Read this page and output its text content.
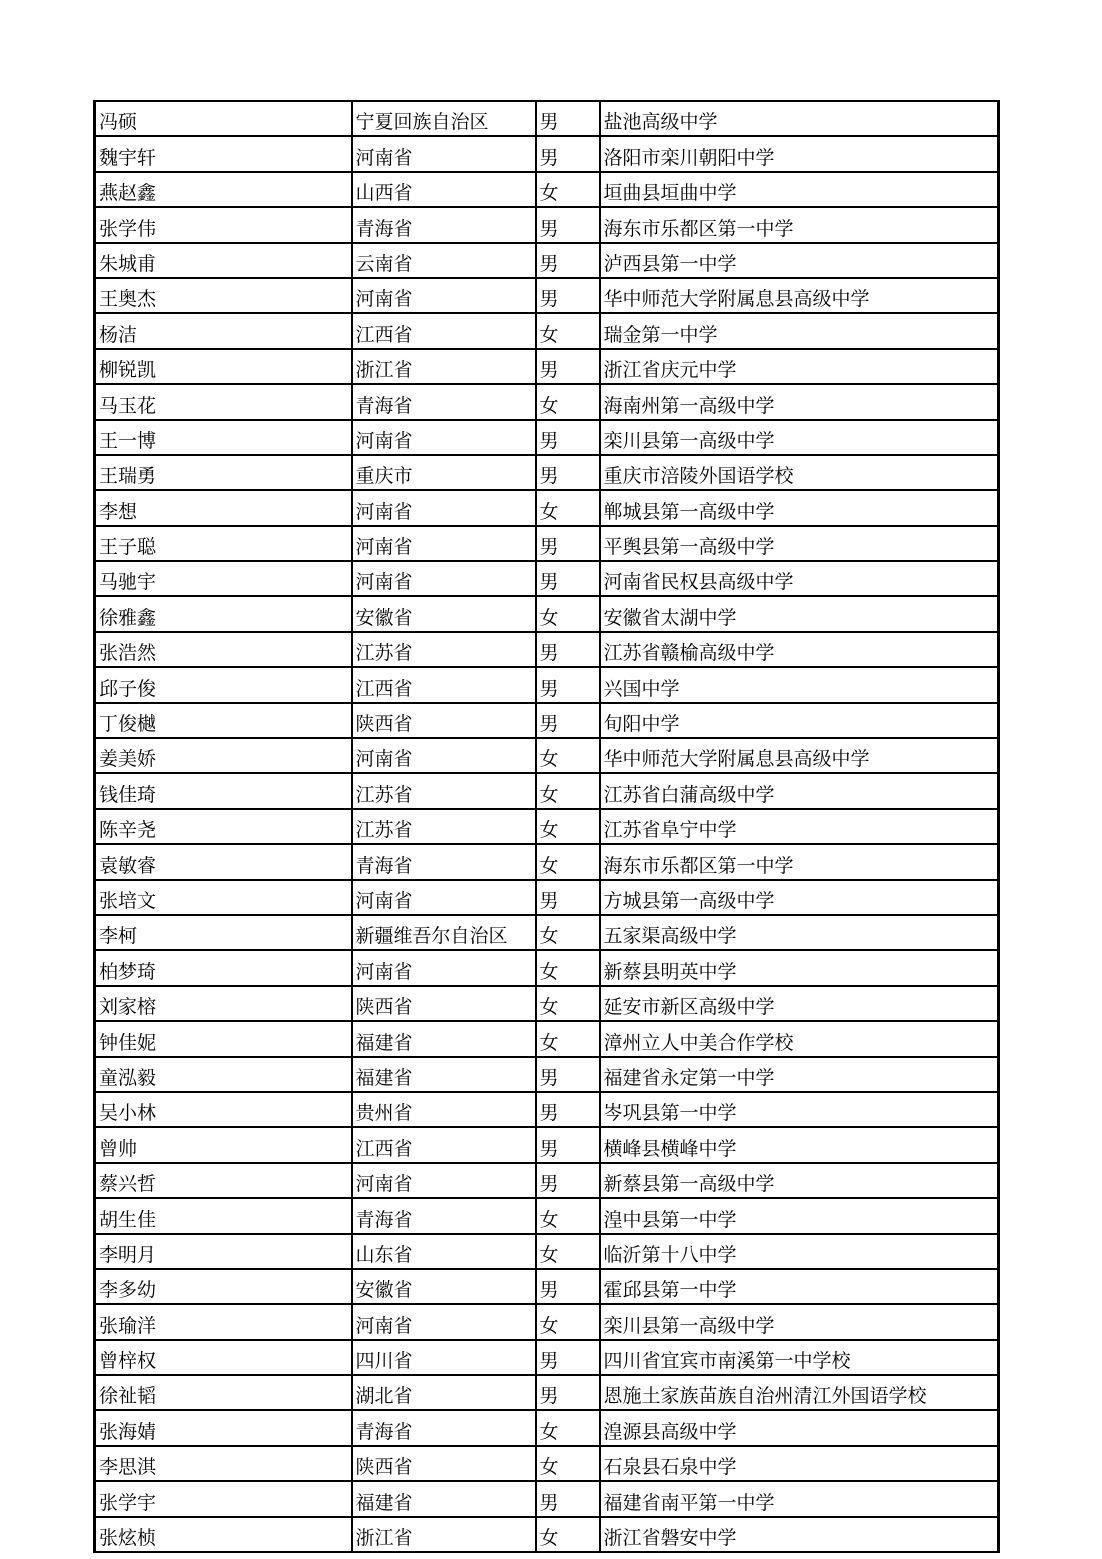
冯硕	宁夏回族自治区	男	盐池高级中学
魏宇轩	河南省	男	洛阳市栾川朝阳中学
燕赵鑫	山西省	女	垣曲县垣曲中学
张学伟	青海省	男	海东市乐都区第一中学
朱城甫	云南省	男	泸西县第一中学
王奥杰	河南省	男	华中师范大学附属息县高级中学
杨洁	江西省	女	瑞金第一中学
柳锐凯	浙江省	男	浙江省庆元中学
马玉花	青海省	女	海南州第一高级中学
王一博	河南省	男	栾川县第一高级中学
王瑞勇	重庆市	男	重庆市涪陵外国语学校
李想	河南省	女	郸城县第一高级中学
王子聪	河南省	男	平舆县第一高级中学
马驰宇	河南省	男	河南省民权县高级中学
徐雅鑫	安徽省	女	安徽省太湖中学
张浩然	江苏省	男	江苏省赣榆高级中学
邱子俊	江西省	男	兴国中学
丁俊樾	陕西省	男	旬阳中学
姜美娇	河南省	女	华中师范大学附属息县高级中学
钱佳琦	江苏省	女	江苏省白蒲高级中学
陈辛尧	江苏省	女	江苏省阜宁中学
袁敏睿	青海省	女	海东市乐都区第一中学
张培文	河南省	男	方城县第一高级中学
李柯	新疆维吾尔自治区	女	五家渠高级中学
柏梦琦	河南省	女	新蔡县明英中学
刘家榕	陕西省	女	延安市新区高级中学
钟佳妮	福建省	女	漳州立人中美合作学校
童泓毅	福建省	男	福建省永定第一中学
吴小林	贵州省	男	岑巩县第一中学
曾帅	江西省	男	横峰县横峰中学
蔡兴哲	河南省	男	新蔡县第一高级中学
胡生佳	青海省	女	湟中县第一中学
李明月	山东省	女	临沂第十八中学
李多幼	安徽省	男	霍邱县第一中学
张瑜洋	河南省	女	栾川县第一高级中学
曾梓权	四川省	男	四川省宜宾市南溪第一中学校
徐祉韬	湖北省	男	恩施土家族苗族自治州清江外国语学校
张海婧	青海省	女	湟源县高级中学
李思淇	陕西省	女	石泉县石泉中学
张学宇	福建省	男	福建省南平第一中学
张炫桢	浙江省	女	浙江省磐安中学
